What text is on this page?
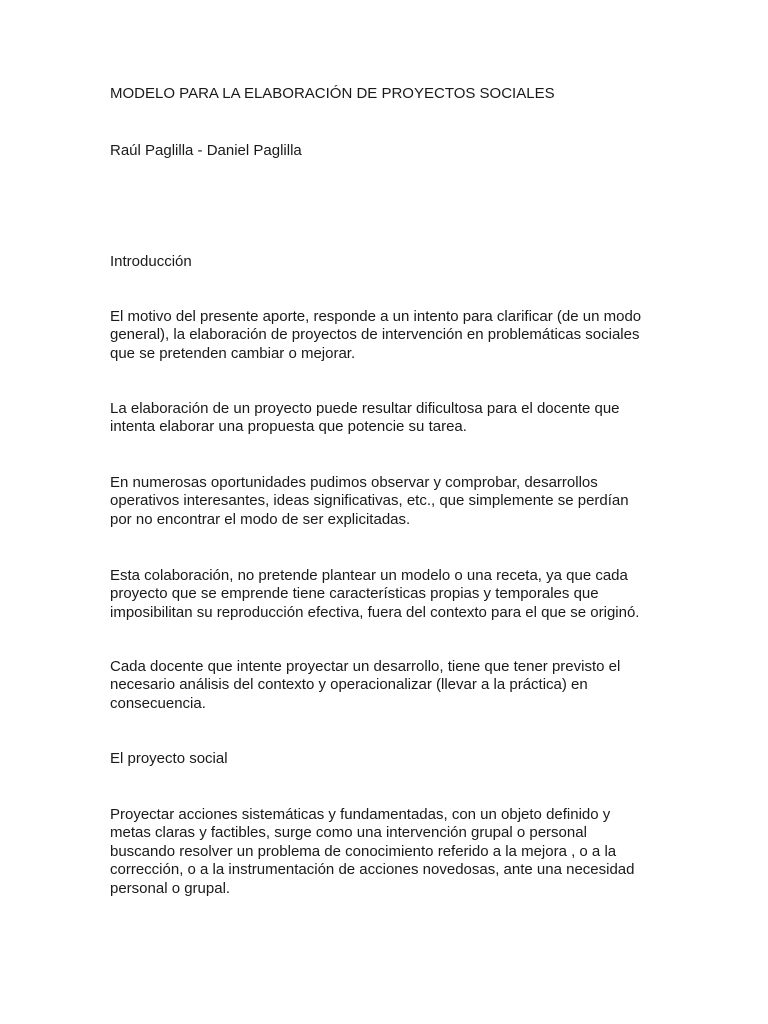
MODELO PARA LA ELABORACIÓN DE PROYECTOS SOCIALES

Raúl Paglilla - Daniel Paglilla

Introducción

El motivo del presente aporte, responde a un intento para clarificar (de un modo
general), la elaboración de proyectos de intervención en problemáticas sociales
que se pretenden cambiar o mejorar.

La elaboración de un proyecto puede resultar dificultosa para el docente que
intenta elaborar una propuesta que potencie su tarea.

En numerosas oportunidades pudimos observar y comprobar, desarrollos
operativos interesantes, ideas significativas, etc., que simplemente se perdían
por no encontrar el modo de ser explicitadas.

Esta colaboración, no pretende plantear un modelo o una receta, ya que cada
proyecto que se emprende tiene características propias y temporales que
imposibilitan su reproducción efectiva, fuera del contexto para el que se originó.

Cada docente que intente proyectar un desarrollo, tiene que tener previsto el
necesario análisis del contexto y operacionalizar (llevar a la práctica) en
consecuencia.

El proyecto social

Proyectar acciones sistemáticas y fundamentadas, con un objeto definido y
metas claras y factibles, surge como una intervención grupal o personal
buscando resolver un problema de conocimiento referido a la mejora , o a la
corrección, o a la instrumentación de acciones novedosas, ante una necesidad
personal o grupal.
